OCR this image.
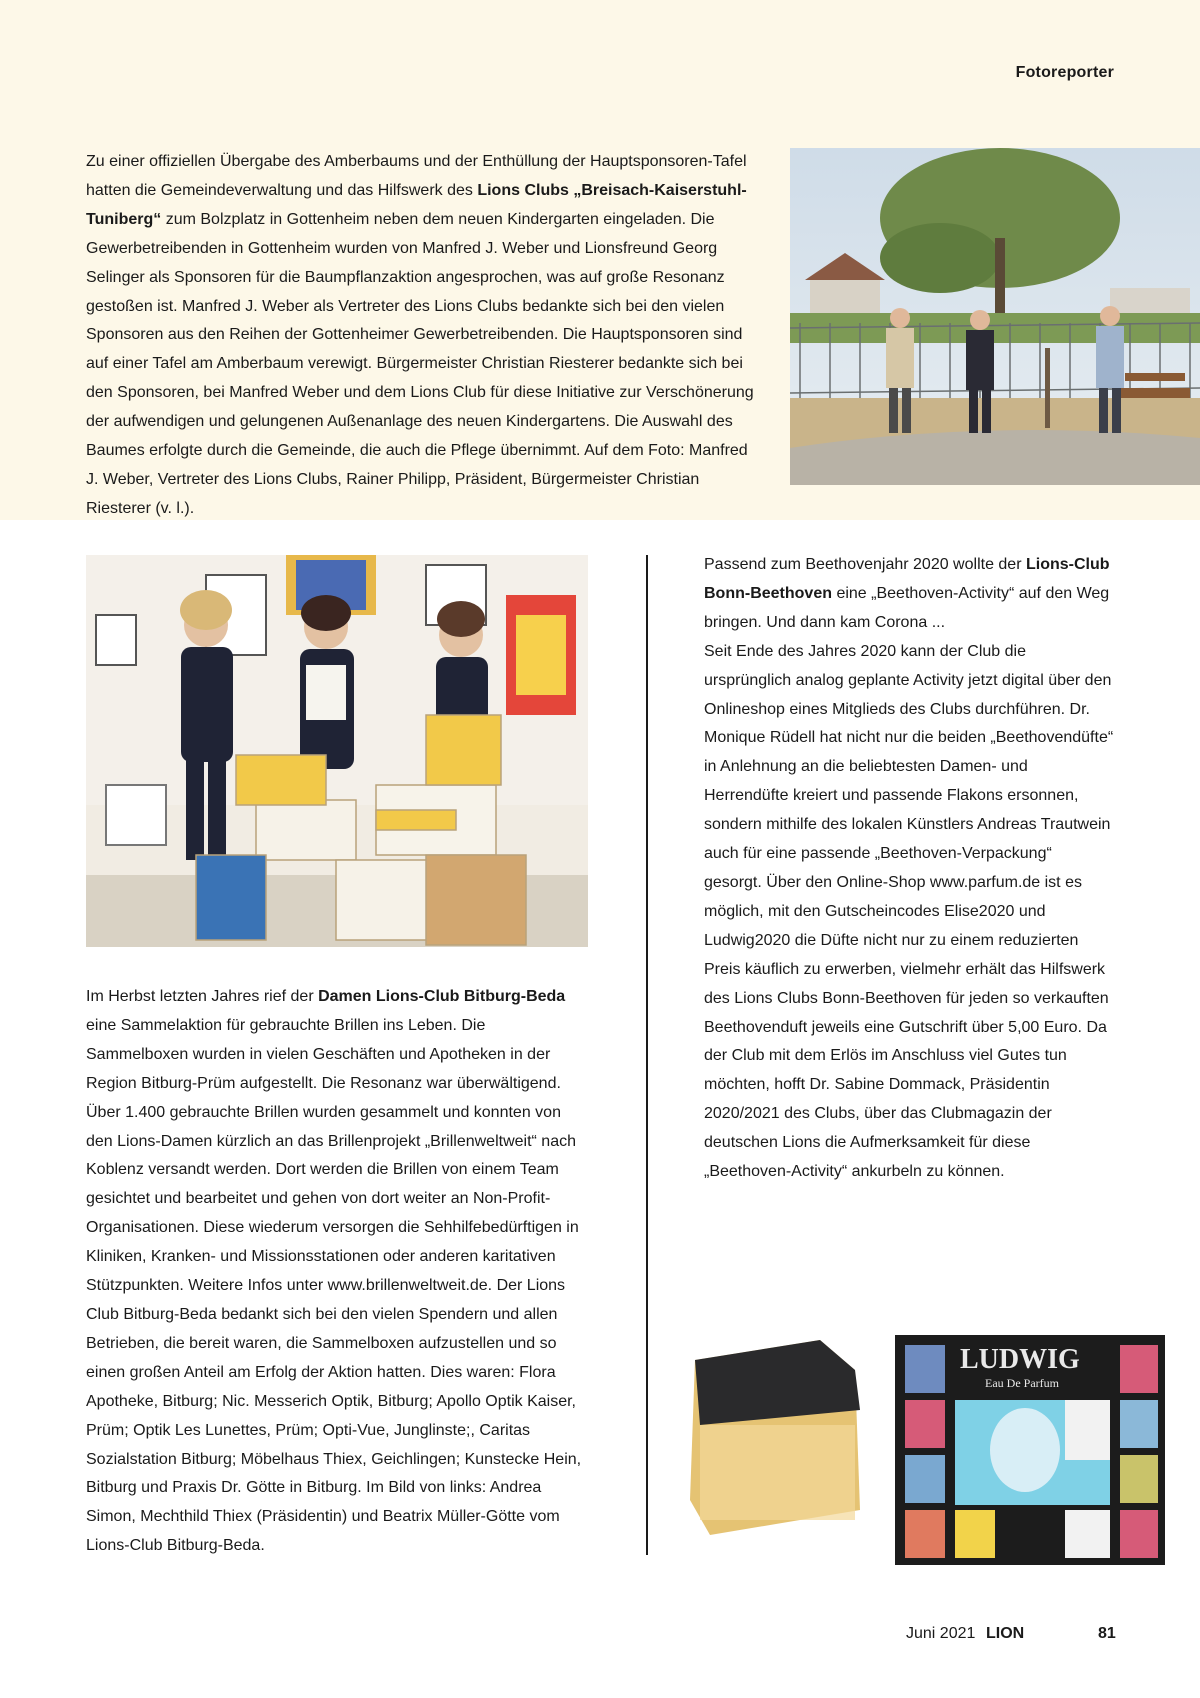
Fotoreporter

Zu einer offiziellen Übergabe des Amberbaums und der Enthüllung der Hauptsponsoren-Tafel hatten die Gemeindeverwaltung und das Hilfswerk des Lions Clubs „Breisach-Kaiserstuhl-Tuniberg“ zum Bolzplatz in Gottenheim neben dem neuen Kindergarten eingeladen. Die Gewerbetreibenden in Gottenheim wurden von Manfred J. Weber und Lionsfreund Georg Selinger als Sponsoren für die Baumpflanzaktion angesprochen, was auf große Resonanz gestoßen ist. Manfred J. Weber als Vertreter des Lions Clubs bedankte sich bei den vielen Sponsoren aus den Reihen der Gottenheimer Gewerbetreibenden. Die Hauptsponsoren sind auf einer Tafel am Amberbaum verewigt. Bürgermeister Christian Riesterer bedankte sich bei den Sponsoren, bei Manfred Weber und dem Lions Club für diese Initiative zur Verschönerung der aufwendigen und gelungenen Außenanlage des neuen Kindergartens. Die Auswahl des Baumes erfolgte durch die Gemeinde, die auch die Pflege übernimmt. Auf dem Foto: Manfred J. Weber, Vertreter des Lions Clubs, Rainer Philipp, Präsident, Bürgermeister Christian Riesterer (v. l.).

Im Herbst letzten Jahres rief der Damen Lions-Club Bitburg-Beda eine Sammelaktion für gebrauchte Brillen ins Leben. Die Sammelboxen wurden in vielen Geschäften und Apotheken in der Region Bitburg-Prüm aufgestellt. Die Resonanz war überwältigend. Über 1.400 gebrauchte Brillen wurden gesammelt und konnten von den Lions-Damen kürzlich an das Brillenprojekt „Brillenweltweit“ nach Koblenz versandt werden. Dort werden die Brillen von einem Team gesichtet und bearbeitet und gehen von dort weiter an Non-Profit-Organisationen. Diese wiederum versorgen die Sehhilfebedürftigen in Kliniken, Kranken- und Missionsstationen oder anderen karitativen Stützpunkten. Weitere Infos unter www.brillenweltweit.de. Der Lions Club Bitburg-Beda bedankt sich bei den vielen Spendern und allen Betrieben, die bereit waren, die Sammelboxen aufzustellen und so einen großen Anteil am Erfolg der Aktion hatten. Dies waren: Flora Apotheke, Bitburg; Nic. Messerich Optik, Bitburg; Apollo Optik Kaiser, Prüm; Optik Les Lunettes, Prüm; Opti-Vue, Junglinste;, Caritas Sozialstation Bitburg; Möbelhaus Thiex, Geichlingen; Kunstecke Hein, Bitburg und Praxis Dr. Götte in Bitburg. Im Bild von links: Andrea Simon, Mechthild Thiex (Präsidentin) und Beatrix Müller-Götte vom Lions-Club Bitburg-Beda.

Passend zum Beethovenjahr 2020 wollte der Lions-Club Bonn-Beethoven eine „Beethoven-Activity“ auf den Weg bringen. Und dann kam Corona ...
Seit Ende des Jahres 2020 kann der Club die ursprünglich analog geplante Activity jetzt digital über den Onlineshop eines Mitglieds des Clubs durchführen. Dr. Monique Rüdell hat nicht nur die beiden „Beethovendüfte“ in Anlehnung an die beliebtesten Damen- und Herrendüfte kreiert und passende Flakons ersonnen, sondern mithilfe des lokalen Künstlers Andreas Trautwein auch für eine passende „Beethoven-Verpackung“ gesorgt. Über den Online-Shop www.parfum.de ist es möglich, mit den Gutscheincodes Elise2020 und Ludwig2020 die Düfte nicht nur zu einem reduzierten Preis käuflich zu erwerben, vielmehr erhält das Hilfswerk des Lions Clubs Bonn-Beethoven für jeden so verkauften Beethovenduft jeweils eine Gutschrift über 5,00 Euro. Da der Club mit dem Erlös im Anschluss viel Gutes tun möchten, hofft Dr. Sabine Dommack, Präsidentin 2020/2021 des Clubs, über das Clubmagazin der deutschen Lions die Aufmerksamkeit für diese „Beethoven-Activity“ ankurbeln zu können.
LUDWIG
Eau De Parfum
Juni 2021 LION	81
